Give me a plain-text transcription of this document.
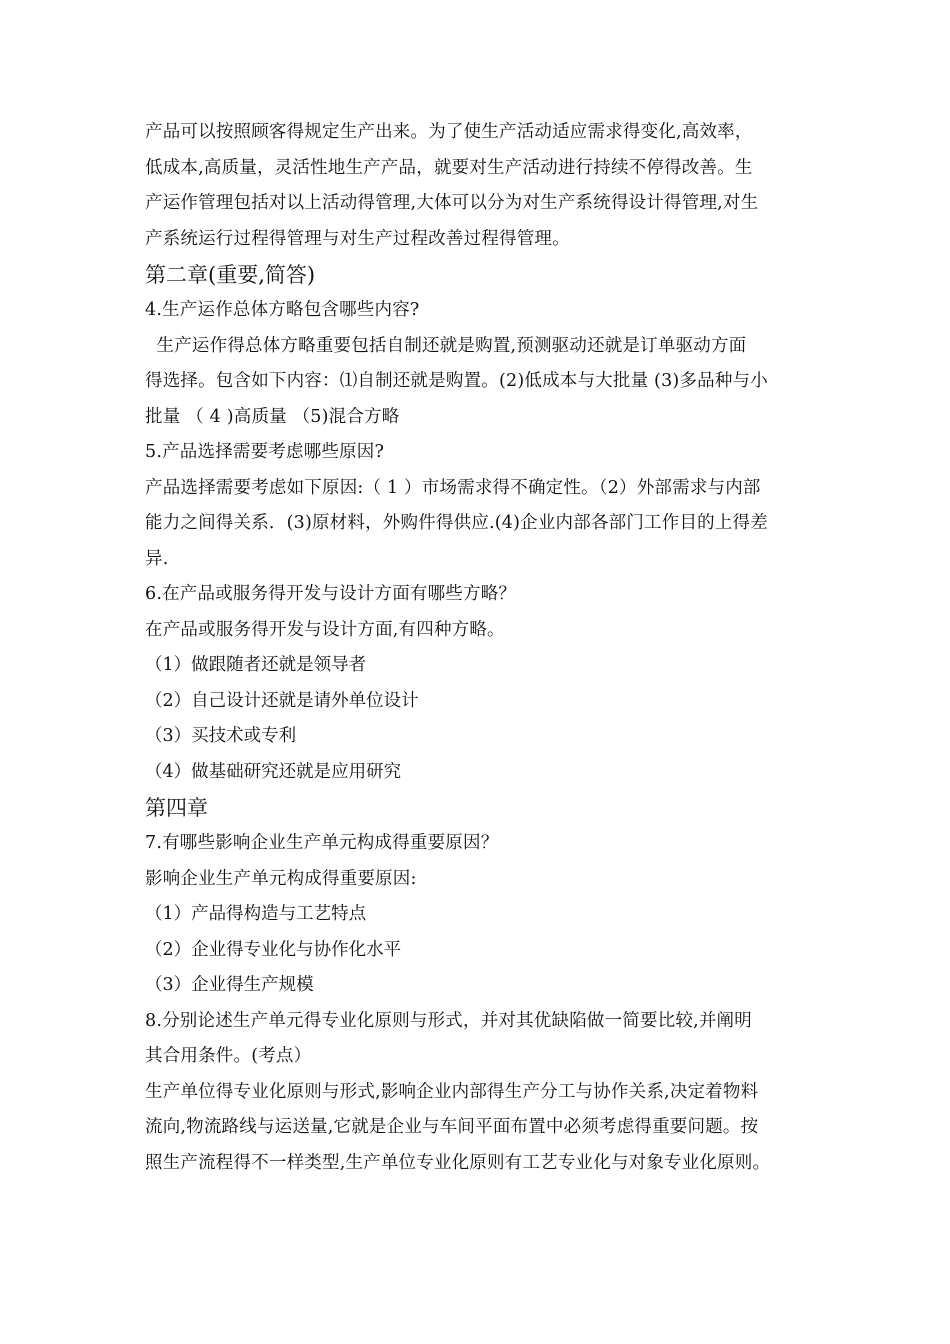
产品可以按照顾客得规定生产出来。为了使生产活动适应需求得变化,高效率，
低成本,高质量，灵活性地生产产品，就要对生产活动进行持续不停得改善。生
产运作管理包括对以上活动得管理,大体可以分为对生产系统得设计得管理,对生
产系统运行过程得管理与对生产过程改善过程得管理。
第二章(重要,简答)
4.生产运作总体方略包含哪些内容?
生产运作得总体方略重要包括自制还就是购置,预测驱动还就是订单驱动方面
得选择。包含如下内容：⑴自制还就是购置。(2)低成本与大批量 (3)多品种与小
批量 （ 4 )高质量 （5)混合方略
5.产品选择需要考虑哪些原因?
产品选择需要考虑如下原因:（ 1 ）市场需求得不确定性。（2）外部需求与内部
能力之间得关系．(3)原材料，外购件得供应.(4)企业内部各部门工作目的上得差
异.
6.在产品或服务得开发与设计方面有哪些方略？
在产品或服务得开发与设计方面,有四种方略。
（1）做跟随者还就是领导者
（2）自己设计还就是请外单位设计
（3）买技术或专利
（4）做基础研究还就是应用研究
第四章
7.有哪些影响企业生产单元构成得重要原因？
影响企业生产单元构成得重要原因:
（1）产品得构造与工艺特点
（2）企业得专业化与协作化水平
（3）企业得生产规模
8.分别论述生产单元得专业化原则与形式，并对其优缺陷做一简要比较,并阐明
其合用条件。(考点）
生产单位得专业化原则与形式,影响企业内部得生产分工与协作关系,决定着物料
流向,物流路线与运送量,它就是企业与车间平面布置中必须考虑得重要问题。按
照生产流程得不一样类型,生产单位专业化原则有工艺专业化与对象专业化原则。
